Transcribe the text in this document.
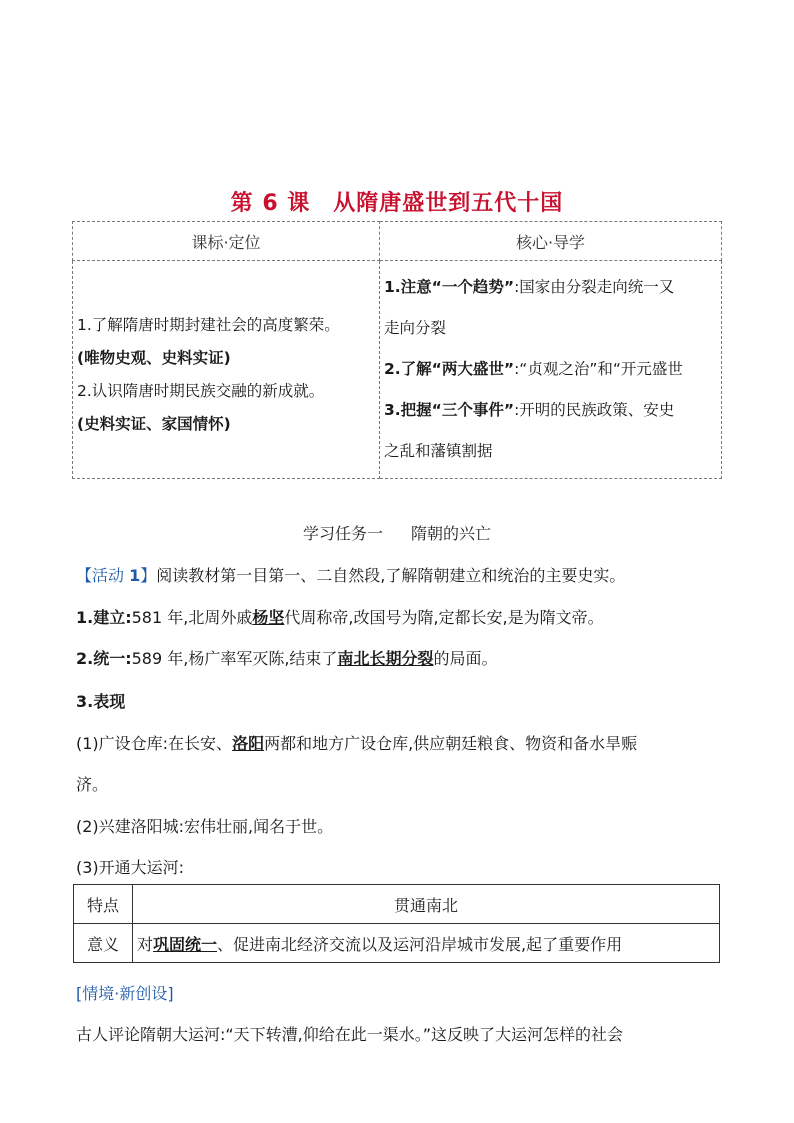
第 6 课　从隋唐盛世到五代十国
课标·定位	核心·导学

1.了解隋唐时期封建社会的高度繁荣。
(唯物史观、史料实证)
2.认识隋唐时期民族交融的新成就。
(史料实证、家国情怀)	1.注意“一个趋势”:国家由分裂走向统一又
走向分裂
2.了解“两大盛世”:“贞观之治”和“开元盛世
3.把握“三个事件”:开明的民族政策、安史
之乱和藩镇割据
学习任务一 隋朝的兴亡
【活动 1】阅读教材第一目第一、二自然段,了解隋朝建立和统治的主要史实。
1.建立:581 年,北周外戚杨坚代周称帝,改国号为隋,定都长安,是为隋文帝。
2.统一:589 年,杨广率军灭陈,结束了南北长期分裂的局面。
3.表现
(1)广设仓库:在长安、洛阳两都和地方广设仓库,供应朝廷粮食、物资和备水旱赈
济。
(2)兴建洛阳城:宏伟壮丽,闻名于世。
(3)开通大运河:
特点	贯通南北
意义	对巩固统一、促进南北经济交流以及运河沿岸城市发展,起了重要作用
[情境·新创设]
古人评论隋朝大运河:“天下转漕,仰给在此一渠水。”这反映了大运河怎样的社会
